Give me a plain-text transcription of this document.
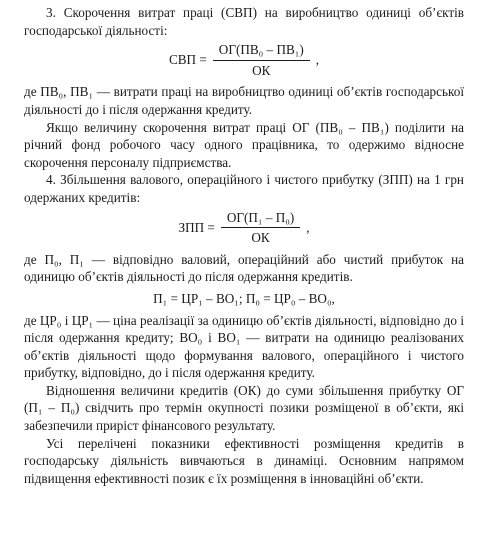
3. Скорочення витрат праці (СВП) на виробництво одиниці об’єктів господарської діяльності:

СВП = $\frac{\text{ОГ(ПВ₀ – ПВ₁)}}{ОК}$ ,

де ПВ₀, ПВ₁ — витрати праці на виробництво одиниці об’єктів господарської діяльності до і після одержання кредиту.

Якщо величину скорочення витрат праці ОГ (ПВ₀ – ПВ₁) поділити на річний фонд робочого часу одного працівника, то одержимо відносне скорочення персоналу підприємства.

4. Збільшення валового, операційного і чистого прибутку (ЗПП) на 1 грн одержаних кредитів:

ЗПП = $\frac{\text{ОГ(П₁ – П₀)}}{ОК}$ ,

де П₀, П₁ — відповідно валовий, операційний або чистий прибуток на одиницю об’єктів діяльності до після одержання кредитів.

П₁ = ЦР₁ – ВО₁; П₀ = ЦР₀ – ВО₀,

де ЦР₀ і ЦР₁ — ціна реалізації за одиницю об’єктів діяльності, відповідно до і після одержання кредиту; ВО₀ і ВО₁ — витрати на одиницю реалізованих об’єктів діяльності щодо формування валового, операційного і чистого прибутку, відповідно, до і після одержання кредиту.

Відношення величини кредитів (ОК) до суми збільшення прибутку ОГ (П₁ – П₀) свідчить про термін окупності позики розміщеної в об’єкти, які забезпечили приріст фінансового результату.

Усі перелічені показники ефективності розміщення кредитів в господарську діяльність вивчаються в динаміці. Основним напрямом підвищення ефективності позик є їх розміщення в інноваційні об’єкти.
